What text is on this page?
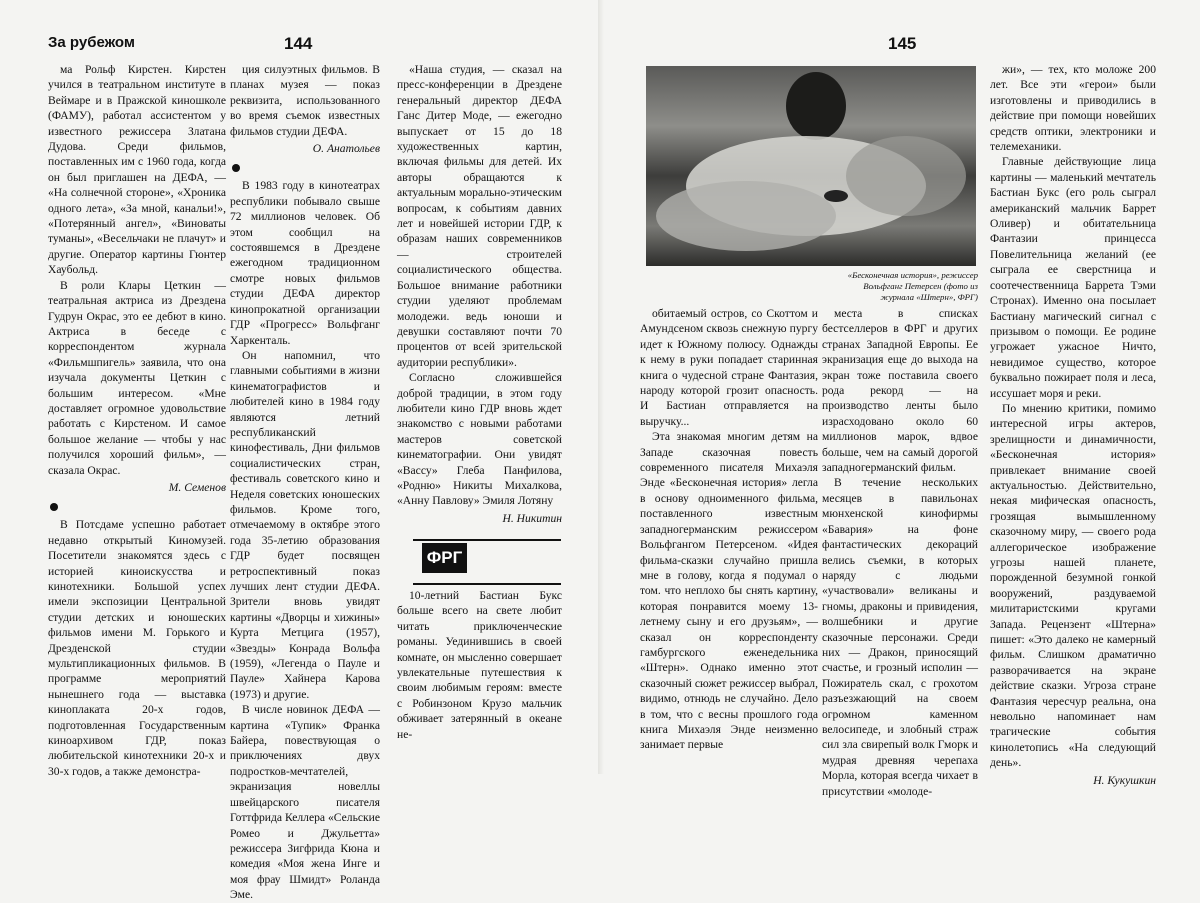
За рубежом	144	145

ма Рольф Кирстен. Кирстен учился в театральном институте в Веймаре и в Пражской киношколе (ФАМУ), работал ассистентом у известного режиссера Златана Дудова. Среди фильмов, поставленных им с 1960 года, когда он был приглашен на ДЕФА, — «На солнечной стороне», «Хроника одного лета», «За мной, канальи!», «Потерянный ангел», «Виноваты туманы», «Весельчаки не плачут» и другие. Оператор картины Гюнтер Хаубольд.

В роли Клары Цеткин — театральная актриса из Дрездена Гудрун Окрас, это ее дебют в кино. Актриса в беседе с корреспондентом журнала «Фильмшпигель» заявила, что она изучала документы Цеткин с большим интересом. «Мне доставляет огромное удовольствие работать с Кирстеном. И самое большое желание — чтобы у нас получился хороший фильм», — сказала Окрас.

М. Семенов

В Потсдаме успешно работает недавно открытый Киномузей. Посетители знакомятся здесь с историей киноискусства и кинотехники. Большой успех имели экспозиции Центральной студии детских и юношеских фильмов имени М. Горького и Дрезденской студии мультипликационных фильмов. В программе мероприятий нынешнего года — выставка киноплаката 20-х годов, подготовленная Государственным киноархивом ГДР, показ любительской кинотехники 20-х и 30-х годов, а также демонстра-

ция силуэтных фильмов. В планах музея — показ реквизита, использованного во время съемок известных фильмов студии ДЕФА.

О. Анатольев

В 1983 году в кинотеатрах республики побывало свыше 72 миллионов человек. Об этом сообщил на состоявшемся в Дрездене ежегодном традиционном смотре новых фильмов студии ДЕФА директор кинопрокатной организации ГДР «Прогресс» Вольфганг Харкенталь.

Он напомнил, что главными событиями в жизни кинематографистов и любителей кино в 1984 году являются летний республиканский кинофестиваль, Дни фильмов социалистических стран, фестиваль советского кино и Неделя советских юношеских фильмов. Кроме того, отмечаемому в октябре этого года 35-летию образования ГДР будет посвящен ретроспективный показ лучших лент студии ДЕФА. Зрители вновь увидят картины «Дворцы и хижины» Курта Метцига (1957), «Звезды» Конрада Вольфа (1959), «Легенда о Пауле и Пауле» Хайнера Карова (1973) и другие.

В числе новинок ДЕФА — картина «Тупик» Франка Байера, повествующая о приключениях двух подростков-мечтателей, экранизация новеллы швейцарского писателя Готтфрида Келлера «Сельские Ромео и Джульетта» режиссера Зигфрида Кюна и комедия «Моя жена Инге и моя фрау Шмидт» Роланда Эме.

«Наша студия, — сказал на пресс-конференции в Дрездене генеральный директор ДЕФА Ганс Дитер Моде, — ежегодно выпускает от 15 до 18 художественных картин, включая фильмы для детей. Их авторы обращаются к актуальным морально-этическим вопросам, к событиям давних лет и новейшей истории ГДР, к образам наших современников — строителей социалистического общества. Большое внимание работники студии уделяют проблемам молодежи. ведь юноши и девушки составляют почти 70 процентов от всей зрительской аудитории республики».

Согласно сложившейся доброй традиции, в этом году любители кино ГДР вновь ждет знакомство с новыми работами мастеров советской кинематографии. Они увидят «Вассу» Глеба Панфилова, «Родню» Никиты Михалкова, «Анну Павлову» Эмиля Лотяну

Н. Никитин

ФРГ

10-летний Бастиан Букс больше всего на свете любит читать приключенческие романы. Уединившись в своей комнате, он мысленно совершает увлекательные путешествия к своим любимым героям: вместе с Робинзоном Крузо мальчик обживает затерянный в океане не-

«Бесконечная история», режиссер Вольфганг Петерсен (фото из журнала «Штерн», ФРГ)

обитаемый остров, со Скоттом и Амундсеном сквозь снежную пургу идет к Южному полюсу. Однажды к нему в руки попадает старинная книга о чудесной стране Фантазия, народу которой грозит опасность. И Бастиан отправляется на выручку...

Эта знакомая многим детям на Западе сказочная повесть современного писателя Михаэля Энде «Бесконечная история» легла в основу одноименного фильма, поставленного известным западногерманским режиссером Вольфгангом Петерсеном. «Идея фильма-сказки случайно пришла мне в голову, когда я подумал о том. что неплохо бы снять картину, которая понравится моему 13-летнему сыну и его друзьям», — сказал он корреспонденту гамбургского еженедельника «Штерн». Однако именно этот сказочный сюжет режиссер выбрал, видимо, отнюдь не случайно. Дело в том, что с весны прошлого года книга Михаэля Энде неизменно занимает первые

места в списках бестселлеров в ФРГ и других странах Западной Европы. Ее экранизация еще до выхода на экран тоже поставила своего рода рекорд — на производство ленты было израсходовано около 60 миллионов марок, вдвое больше, чем на самый дорогой западногерманский фильм.

В течение нескольких месяцев в павильонах мюнхенской кинофирмы «Бавария» на фоне фантастических декораций велись съемки, в которых наряду с людьми «участвовали» великаны и гномы, драконы и привидения, волшебники и другие сказочные персонажи. Среди них — Дракон, приносящий счастье, и грозный исполин — Пожиратель скал, с грохотом разъезжающий на своем огромном каменном велосипеде, и злобный страж сил зла свирепый волк Гморк и мудрая древняя черепаха Морла, которая всегда чихает в присутствии «молоде-

жи», — тех, кто моложе 200 лет. Все эти «герои» были изготовлены и приводились в действие при помощи новейших средств оптики, электроники и телемеханики.

Главные действующие лица картины — маленький мечтатель Бастиан Букс (его роль сыграл американский мальчик Баррет Оливер) и обитательница Фантазии принцесса Повелительница желаний (ее сыграла ее сверстница и соотечественница Баррета Тэми Стронах). Именно она посылает Бастиану магический сигнал с призывом о помощи. Ее родине угрожает ужасное Ничто, невидимое существо, которое буквально пожирает поля и леса, иссушает моря и реки.

По мнению критики, помимо интересной игры актеров, зрелищности и динамичности, «Бесконечная история» привлекает внимание своей актуальностью. Действительно, некая мифическая опасность, грозящая вымышленному сказочному миру, — своего рода аллегорическое изображение угрозы нашей планете, порожденной безумной гонкой вооружений, раздуваемой милитаристскими кругами Запада. Рецензент «Штерна» пишет: «Это далеко не камерный фильм. Слишком драматично разворачивается на экране действие сказки. Угроза стране Фантазия чересчур реальна, она невольно напоминает нам трагические события кинолетопись «На следующий день».

Н. Кукушкин
